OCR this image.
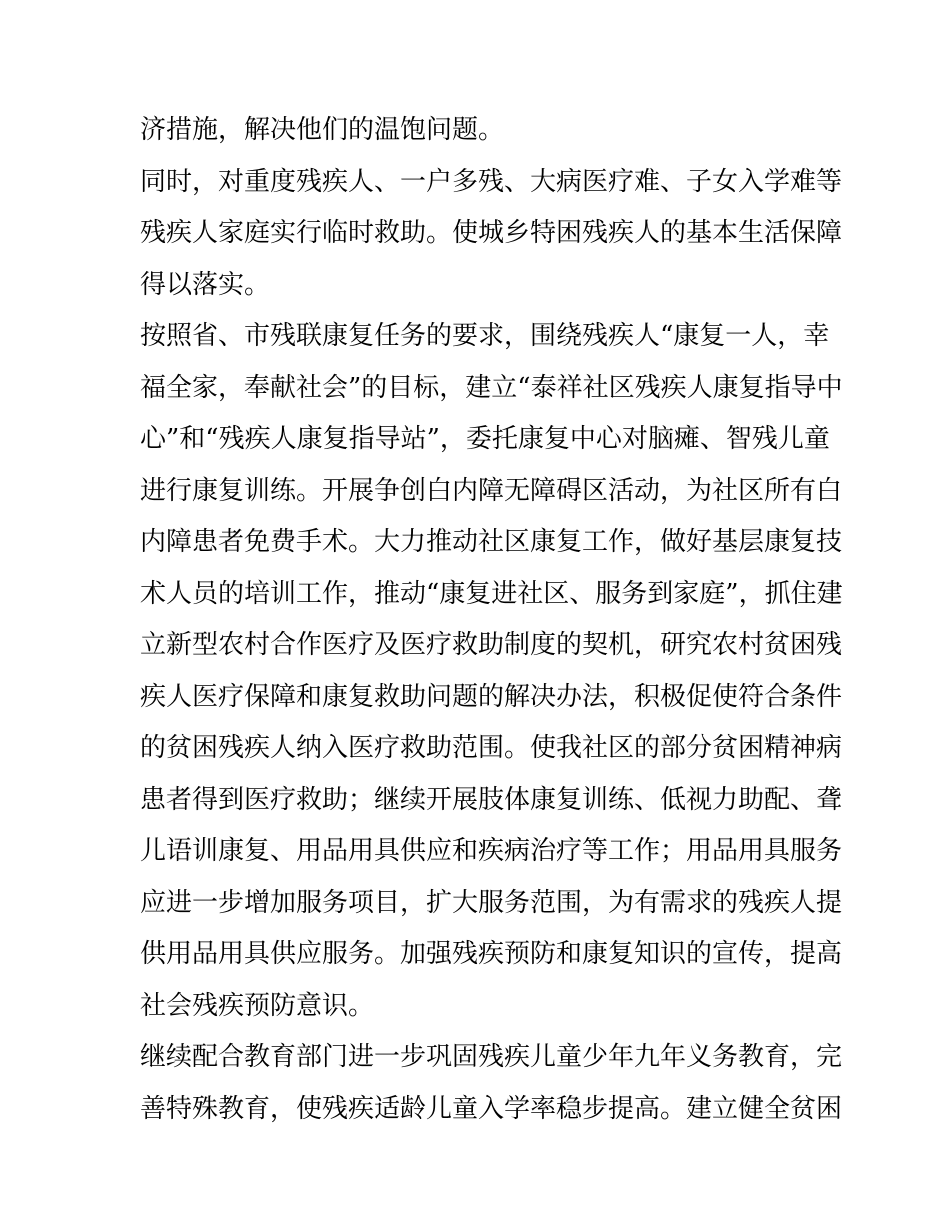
济措施，解决他们的温饱问题。
同时，对重度残疾人、一户多残、大病医疗难、子女入学难等
残疾人家庭实行临时救助。使城乡特困残疾人的基本生活保障
得以落实。
按照省、市残联康复任务的要求，围绕残疾人“康复一人，幸
福全家，奉献社会”的目标，建立“泰祥社区残疾人康复指导中
心”和“残疾人康复指导站”，委托康复中心对脑瘫、智残儿童
进行康复训练。开展争创白内障无障碍区活动，为社区所有白
内障患者免费手术。大力推动社区康复工作，做好基层康复技
术人员的培训工作，推动“康复进社区、服务到家庭”，抓住建
立新型农村合作医疗及医疗救助制度的契机，研究农村贫困残
疾人医疗保障和康复救助问题的解决办法，积极促使符合条件
的贫困残疾人纳入医疗救助范围。使我社区的部分贫困精神病
患者得到医疗救助；继续开展肢体康复训练、低视力助配、聋
儿语训康复、用品用具供应和疾病治疗等工作；用品用具服务
应进一步增加服务项目，扩大服务范围，为有需求的残疾人提
供用品用具供应服务。加强残疾预防和康复知识的宣传，提高
社会残疾预防意识。
继续配合教育部门进一步巩固残疾儿童少年九年义务教育，完
善特殊教育，使残疾适龄儿童入学率稳步提高。建立健全贫困
